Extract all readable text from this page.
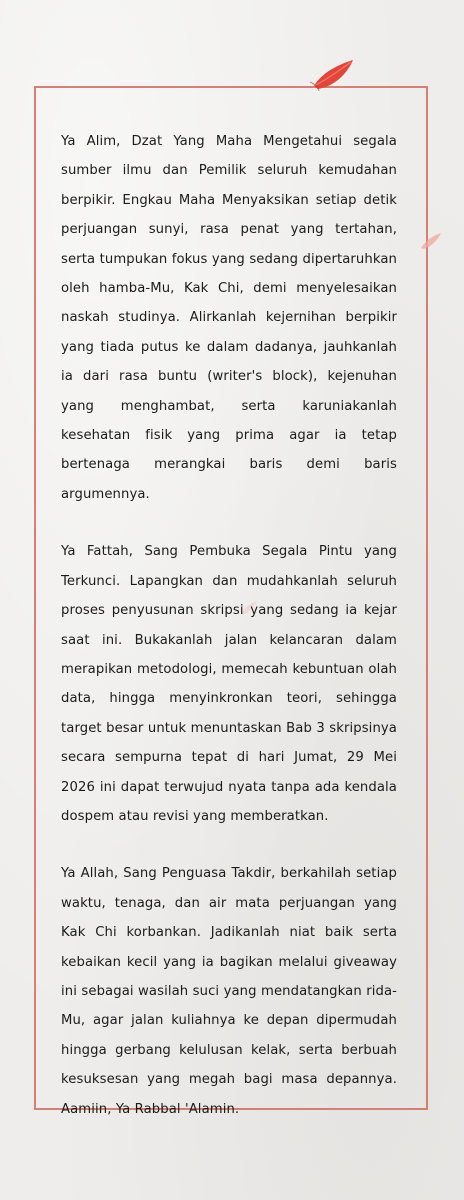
Ya Alim, Dzat Yang Maha Mengetahui segala sumber ilmu dan Pemilik seluruh kemudahan berpikir. Engkau Maha Menyaksikan setiap detik perjuangan sunyi, rasa penat yang tertahan, serta tumpukan fokus yang sedang dipertaruhkan oleh hamba-Mu, Kak Chi, demi menyelesaikan naskah studinya. Alirkanlah kejernihan berpikir yang tiada putus ke dalam dadanya, jauhkanlah ia dari rasa buntu (writer's block), kejenuhan yang menghambat, serta karuniakanlah kesehatan fisik yang prima agar ia tetap bertenaga merangkai baris demi baris argumennya.

Ya Fattah, Sang Pembuka Segala Pintu yang Terkunci. Lapangkan dan mudahkanlah seluruh proses penyusunan skripsi yang sedang ia kejar saat ini. Bukakanlah jalan kelancaran dalam merapikan metodologi, memecah kebuntuan olah data, hingga menyinkronkan teori, sehingga target besar untuk menuntaskan Bab 3 skripsinya secara sempurna tepat di hari Jumat, 29 Mei 2026 ini dapat terwujud nyata tanpa ada kendala dospem atau revisi yang memberatkan.

Ya Allah, Sang Penguasa Takdir, berkahilah setiap waktu, tenaga, dan air mata perjuangan yang Kak Chi korbankan. Jadikanlah niat baik serta kebaikan kecil yang ia bagikan melalui giveaway ini sebagai wasilah suci yang mendatangkan rida-Mu, agar jalan kuliahnya ke depan dipermudah hingga gerbang kelulusan kelak, serta berbuah kesuksesan yang megah bagi masa depannya. Aamiin, Ya Rabbal 'Alamin.
